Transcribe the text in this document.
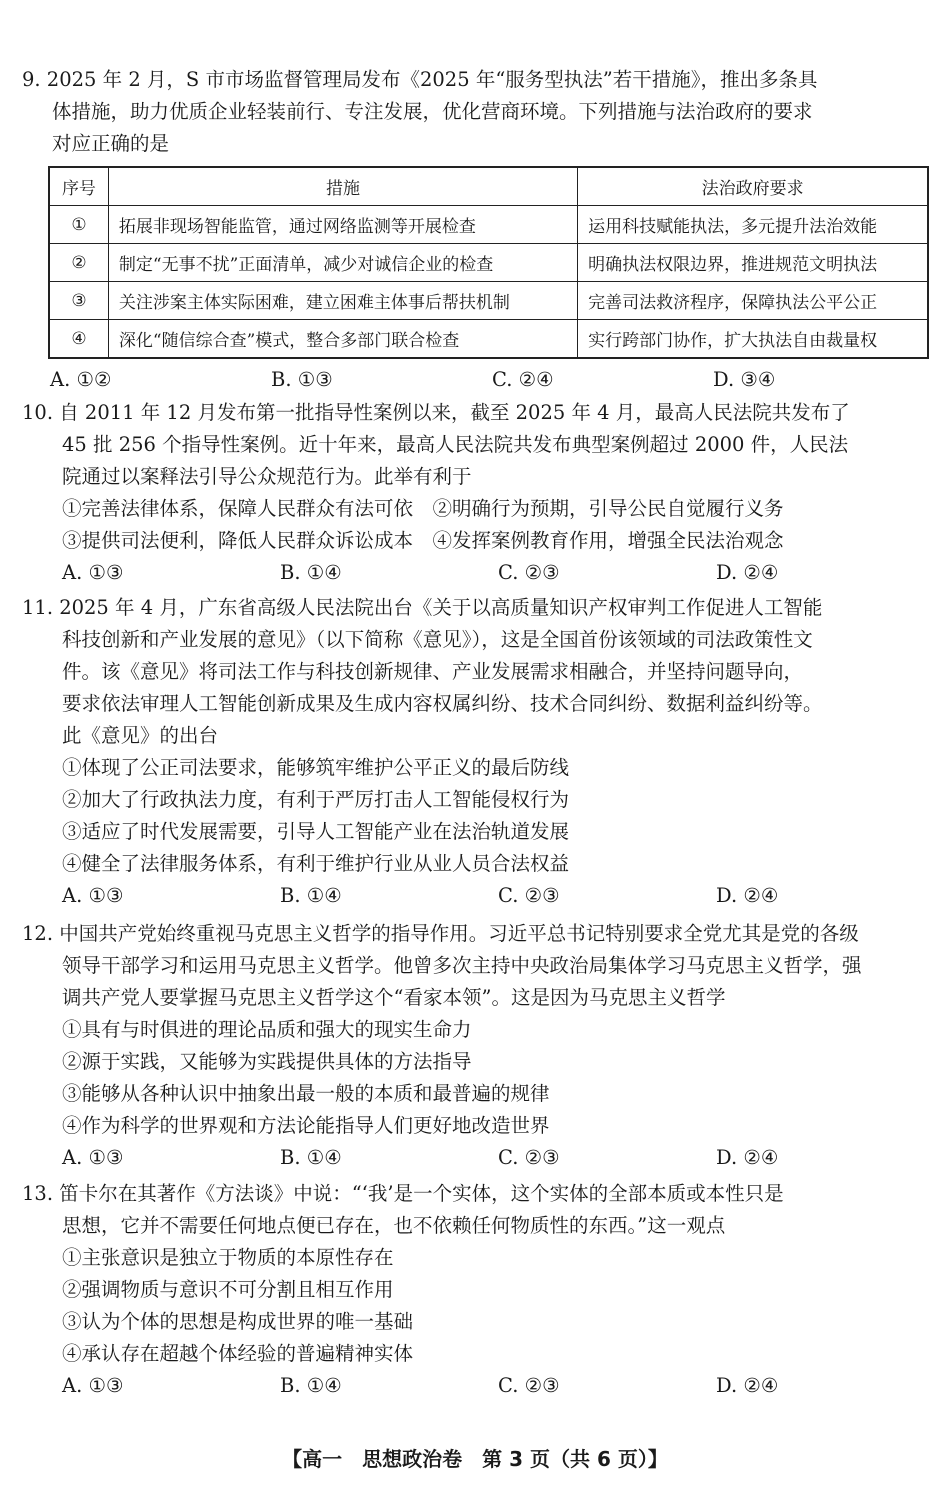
9. 2025 年 2 月，S 市市场监督管理局发布《2025 年“服务型执法”若干措施》，推出多条具
体措施，助力优质企业轻装前行、专注发展，优化营商环境。下列措施与法治政府的要求
对应正确的是
序号	措施	法治政府要求
①	拓展非现场智能监管，通过网络监测等开展检查	运用科技赋能执法，多元提升法治效能
②	制定“无事不扰”正面清单，减少对诚信企业的检查	明确执法权限边界，推进规范文明执法
③	关注涉案主体实际困难，建立困难主体事后帮扶机制	完善司法救济程序，保障执法公平公正
④	深化“随信综合查”模式，整合多部门联合检查	实行跨部门协作，扩大执法自由裁量权
A. ①②	B. ①③	C. ②④	D. ③④
10. 自 2011 年 12 月发布第一批指导性案例以来，截至 2025 年 4 月，最高人民法院共发布了
45 批 256 个指导性案例。近十年来，最高人民法院共发布典型案例超过 2000 件，人民法
院通过以案释法引导公众规范行为。此举有利于
①完善法律体系，保障人民群众有法可依　②明确行为预期，引导公民自觉履行义务
③提供司法便利，降低人民群众诉讼成本　④发挥案例教育作用，增强全民法治观念
A. ①③	B. ①④	C. ②③	D. ②④
11. 2025 年 4 月，广东省高级人民法院出台《关于以高质量知识产权审判工作促进人工智能
科技创新和产业发展的意见》（以下简称《意见》），这是全国首份该领域的司法政策性文
件。该《意见》将司法工作与科技创新规律、产业发展需求相融合，并坚持问题导向，
要求依法审理人工智能创新成果及生成内容权属纠纷、技术合同纠纷、数据利益纠纷等。
此《意见》的出台
①体现了公正司法要求，能够筑牢维护公平正义的最后防线
②加大了行政执法力度，有利于严厉打击人工智能侵权行为
③适应了时代发展需要，引导人工智能产业在法治轨道发展
④健全了法律服务体系，有利于维护行业从业人员合法权益
A. ①③	B. ①④	C. ②③	D. ②④
12. 中国共产党始终重视马克思主义哲学的指导作用。习近平总书记特别要求全党尤其是党的各级
领导干部学习和运用马克思主义哲学。他曾多次主持中央政治局集体学习马克思主义哲学，强
调共产党人要掌握马克思主义哲学这个“看家本领”。这是因为马克思主义哲学
①具有与时俱进的理论品质和强大的现实生命力
②源于实践，又能够为实践提供具体的方法指导
③能够从各种认识中抽象出最一般的本质和最普遍的规律
④作为科学的世界观和方法论能指导人们更好地改造世界
A. ①③	B. ①④	C. ②③	D. ②④
13. 笛卡尔在其著作《方法谈》中说：“‘我’是一个实体，这个实体的全部本质或本性只是
思想，它并不需要任何地点便已存在，也不依赖任何物质性的东西。”这一观点
①主张意识是独立于物质的本原性存在
②强调物质与意识不可分割且相互作用
③认为个体的思想是构成世界的唯一基础
④承认存在超越个体经验的普遍精神实体
A. ①③	B. ①④	C. ②③	D. ②④
【高一　思想政治卷　第 3 页（共 6 页）】
